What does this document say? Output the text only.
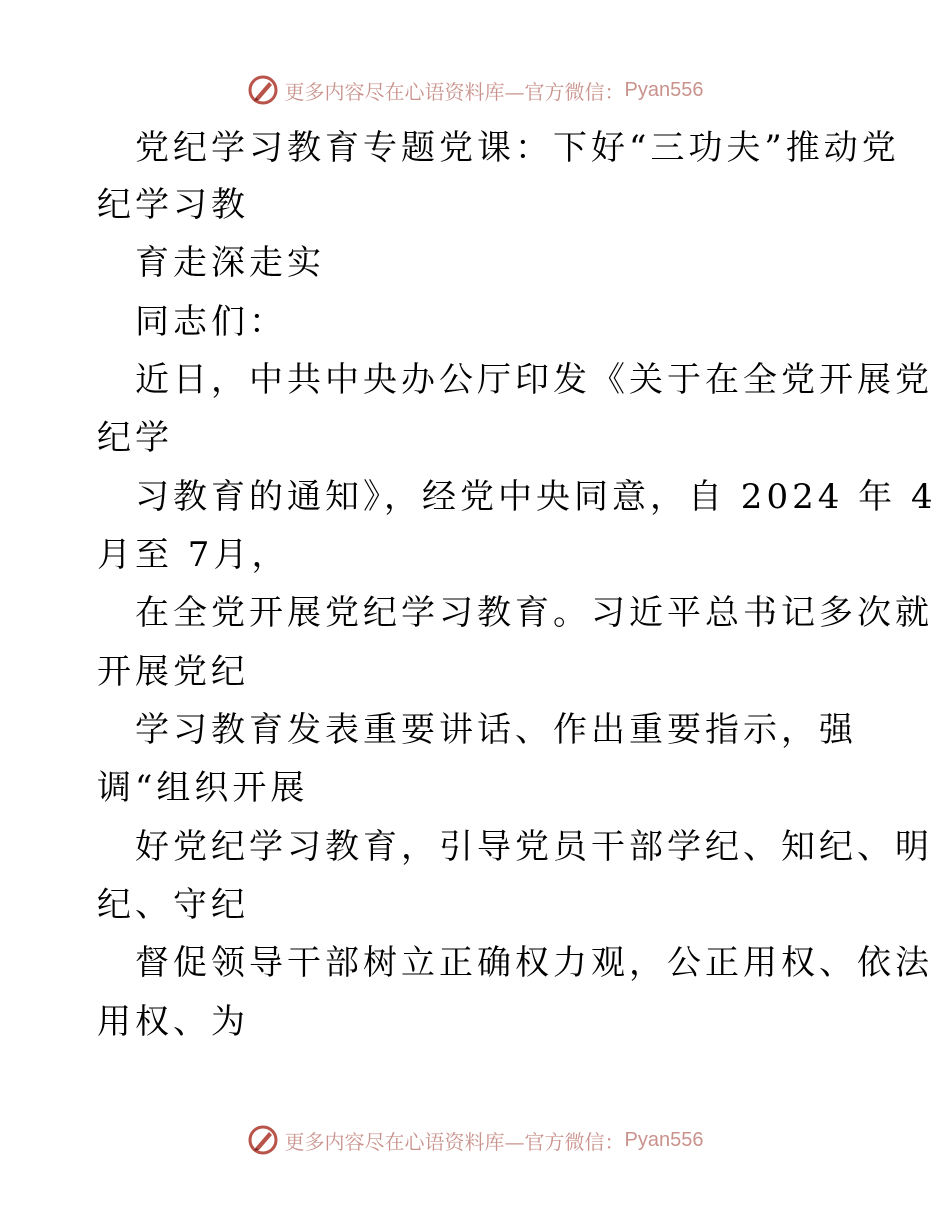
更多内容尽在心语资料库—官方微信： Pyan556
党纪学习教育专题党课：下好“三功夫”推动党
纪学习教
育走深走实
同志们：
近日，中共中央办公厅印发《关于在全党开展党
纪学
习教育的通知》，经党中央同意，自 2024 年 4
月至 7月，
在全党开展党纪学习教育。习近平总书记多次就
开展党纪
学习教育发表重要讲话、作出重要指示，强
调“组织开展
好党纪学习教育，引导党员干部学纪、知纪、明
纪、守纪
督促领导干部树立正确权力观，公正用权、依法
用权、为
更多内容尽在心语资料库—官方微信： Pyan556
